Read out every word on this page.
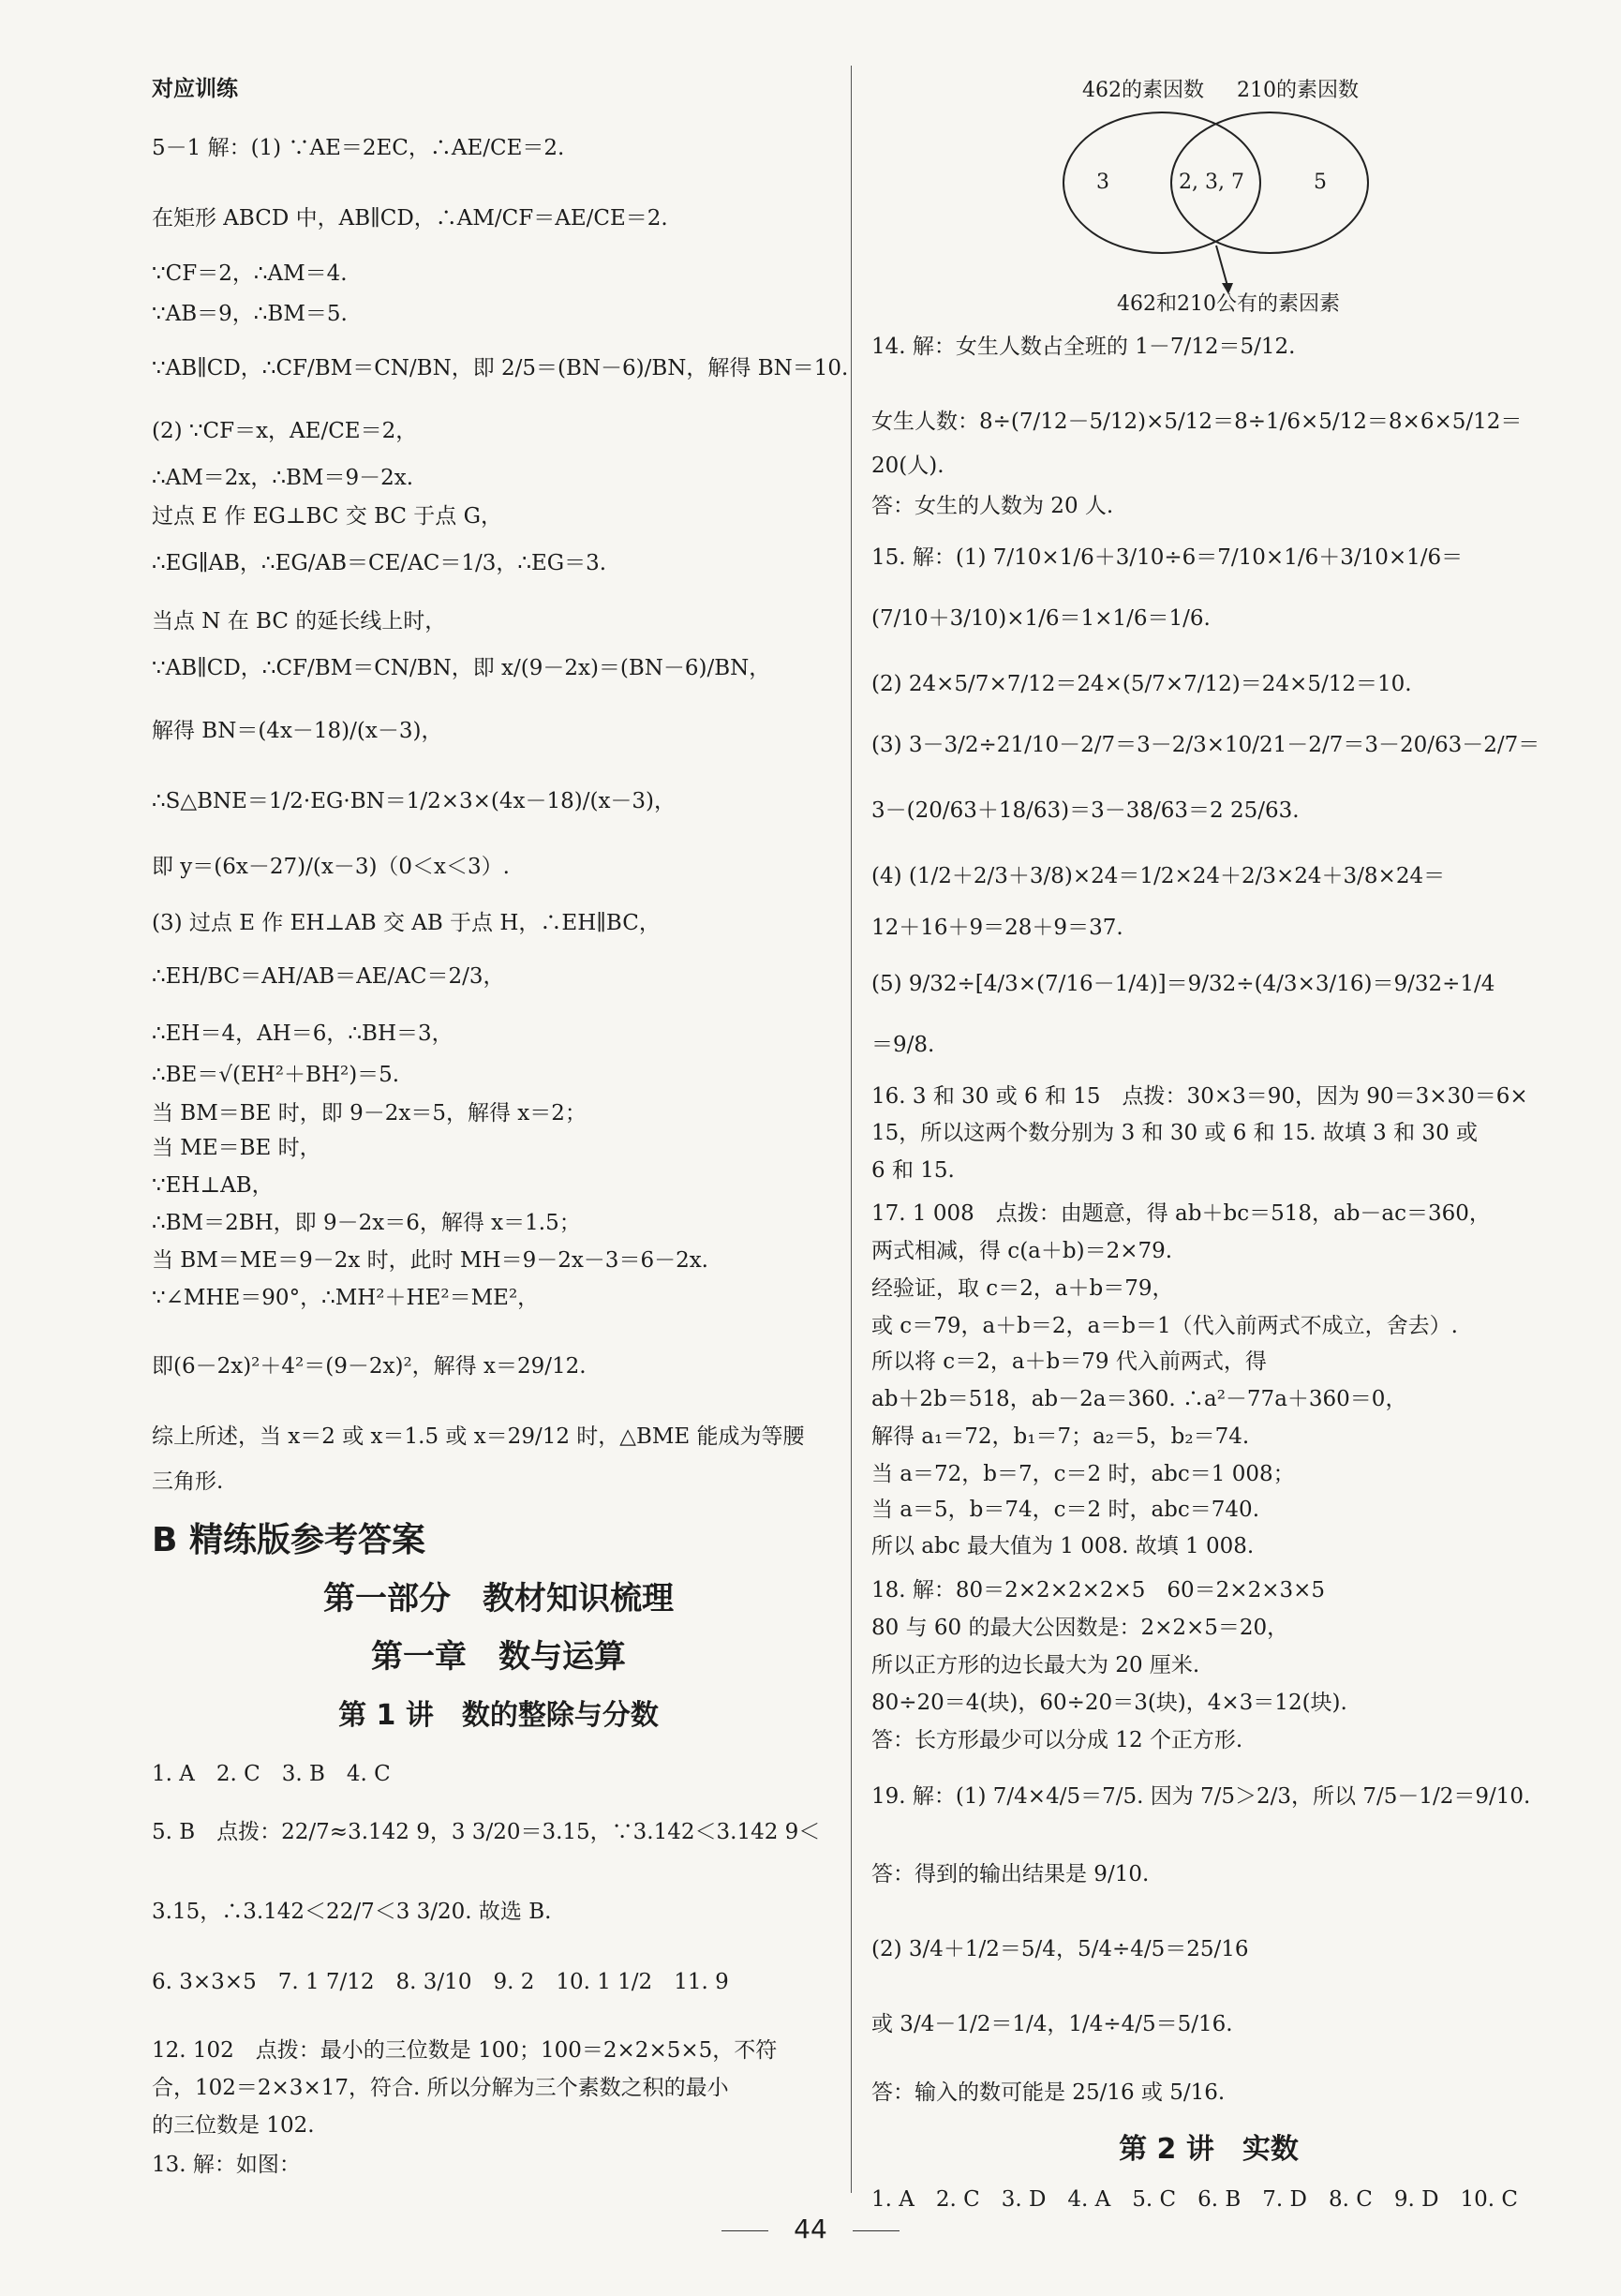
对应训练
5－1 解：(1) ∵AE＝2EC，∴AE/CE＝2.
在矩形 ABCD 中，AB∥CD，∴AM/CF＝AE/CE＝2.
∵CF＝2，∴AM＝4.
∵AB＝9，∴BM＝5.
∵AB∥CD，∴CF/BM＝CN/BN，即 2/5＝(BN－6)/BN，解得 BN＝10.
(2) ∵CF＝x，AE/CE＝2，
∴AM＝2x，∴BM＝9－2x.
过点 E 作 EG⊥BC 交 BC 于点 G，
∴EG∥AB，∴EG/AB＝CE/AC＝1/3，∴EG＝3.
当点 N 在 BC 的延长线上时，
∵AB∥CD，∴CF/BM＝CN/BN，即 x/(9－2x)＝(BN－6)/BN，
解得 BN＝(4x－18)/(x－3)，
∴S△BNE＝1/2·EG·BN＝1/2×3×(4x－18)/(x－3)，
即 y＝(6x－27)/(x－3)（0＜x＜3）.
(3) 过点 E 作 EH⊥AB 交 AB 于点 H，∴EH∥BC，
∴EH/BC＝AH/AB＝AE/AC＝2/3，
∴EH＝4，AH＝6，∴BH＝3，
∴BE＝√(EH²＋BH²)＝5.
当 BM＝BE 时，即 9－2x＝5，解得 x＝2；
当 ME＝BE 时，
∵EH⊥AB，
∴BM＝2BH，即 9－2x＝6，解得 x＝1.5；
当 BM＝ME＝9－2x 时，此时 MH＝9－2x－3＝6－2x.
∵∠MHE＝90°，∴MH²＋HE²＝ME²，
即(6－2x)²＋4²＝(9－2x)²，解得 x＝29/12.
综上所述，当 x＝2 或 x＝1.5 或 x＝29/12 时，△BME 能成为等腰
三角形.
B 精练版参考答案
第一部分　教材知识梳理
第一章　数与运算
第 1 讲　数的整除与分数
1. A　2. C　3. B　4. C
5. B　点拨：22/7≈3.142 9，3 3/20＝3.15，∵3.142＜3.142 9＜
3.15，∴3.142＜22/7＜3 3/20. 故选 B.
6. 3×3×5　7. 1 7/12　8. 3/10　9. 2　10. 1 1/2　11. 9
12. 102　点拨：最小的三位数是 100；100＝2×2×5×5，不符
合，102＝2×3×17，符合. 所以分解为三个素数之积的最小
的三位数是 102.
13. 解：如图：
462的素因数 210的素因数
3	2, 3, 7	5
462和210公有的素因素
14. 解：女生人数占全班的 1－7/12＝5/12.
女生人数：8÷(7/12－5/12)×5/12＝8÷1/6×5/12＝8×6×5/12＝
20(人).
答：女生的人数为 20 人.
15. 解：(1) 7/10×1/6＋3/10÷6＝7/10×1/6＋3/10×1/6＝
(7/10＋3/10)×1/6＝1×1/6＝1/6.
(2) 24×5/7×7/12＝24×(5/7×7/12)＝24×5/12＝10.
(3) 3－3/2÷21/10－2/7＝3－2/3×10/21－2/7＝3－20/63－2/7＝
3－(20/63＋18/63)＝3－38/63＝2 25/63.
(4) (1/2＋2/3＋3/8)×24＝1/2×24＋2/3×24＋3/8×24＝
12＋16＋9＝28＋9＝37.
(5) 9/32÷[4/3×(7/16－1/4)]＝9/32÷(4/3×3/16)＝9/32÷1/4
＝9/8.
16. 3 和 30 或 6 和 15　点拨：30×3＝90，因为 90＝3×30＝6×
15，所以这两个数分别为 3 和 30 或 6 和 15. 故填 3 和 30 或
6 和 15.
17. 1 008　点拨：由题意，得 ab＋bc＝518，ab－ac＝360，
两式相减，得 c(a＋b)＝2×79.
经验证，取 c＝2，a＋b＝79，
或 c＝79，a＋b＝2，a＝b＝1（代入前两式不成立，舍去）.
所以将 c＝2，a＋b＝79 代入前两式，得
ab＋2b＝518，ab－2a＝360. ∴a²－77a＋360＝0，
解得 a₁＝72，b₁＝7；a₂＝5，b₂＝74.
当 a＝72，b＝7，c＝2 时，abc＝1 008；
当 a＝5，b＝74，c＝2 时，abc＝740.
所以 abc 最大值为 1 008. 故填 1 008.
18. 解：80＝2×2×2×2×5　60＝2×2×3×5
80 与 60 的最大公因数是：2×2×5＝20，
所以正方形的边长最大为 20 厘米.
80÷20＝4(块)，60÷20＝3(块)，4×3＝12(块).
答：长方形最少可以分成 12 个正方形.
19. 解：(1) 7/4×4/5＝7/5. 因为 7/5＞2/3，所以 7/5－1/2＝9/10.
答：得到的输出结果是 9/10.
(2) 3/4＋1/2＝5/4，5/4÷4/5＝25/16
或 3/4－1/2＝1/4，1/4÷4/5＝5/16.
答：输入的数可能是 25/16 或 5/16.
第 2 讲　实数
1. A　2. C　3. D　4. A　5. C　6. B　7. D　8. C　9. D　10. C
44
